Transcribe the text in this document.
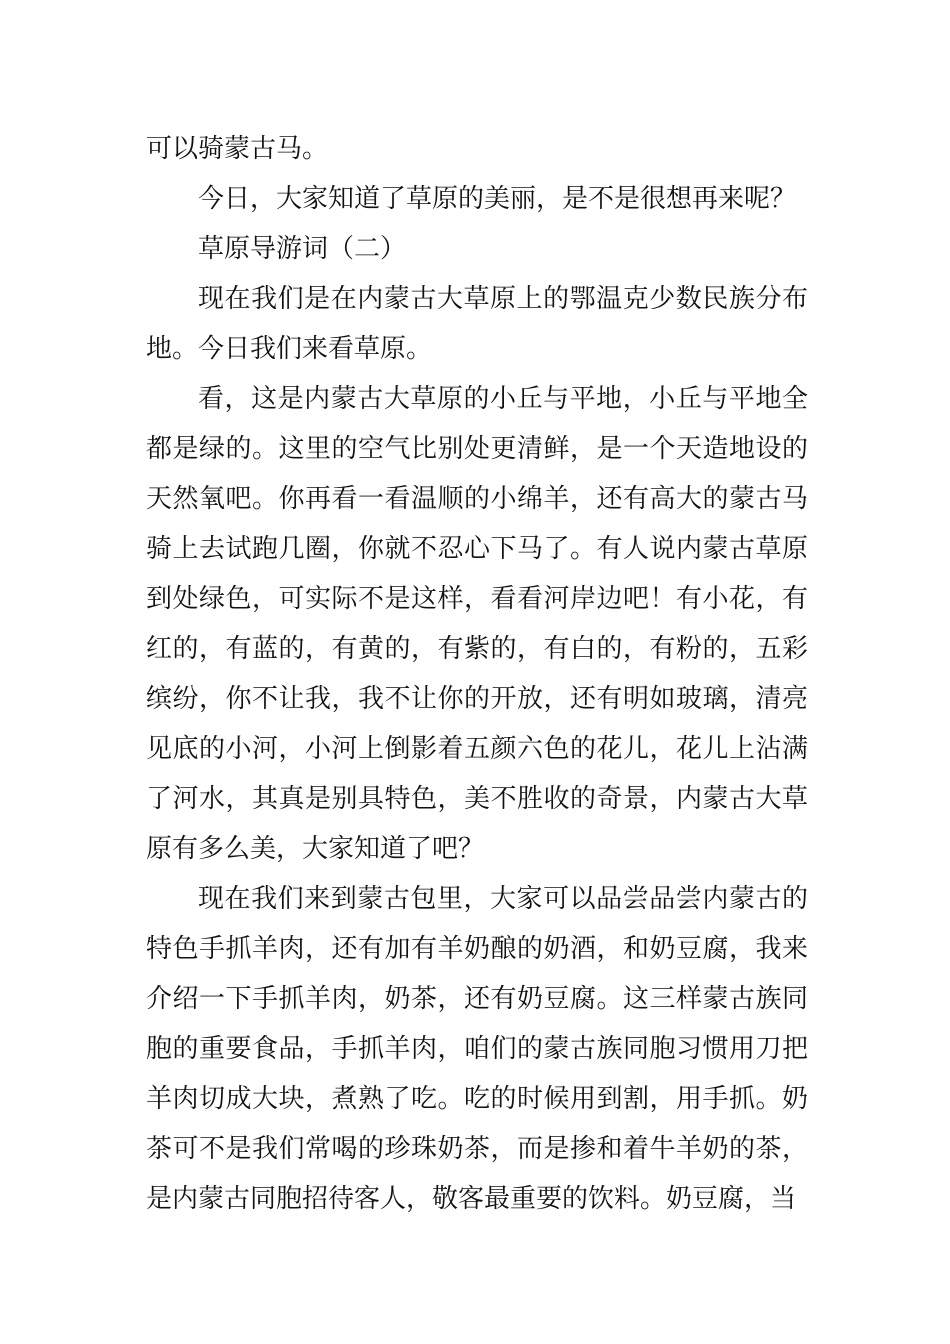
可以骑蒙古马。

今日，大家知道了草原的美丽，是不是很想再来呢？

草原导游词（二）

现在我们是在内蒙古大草原上的鄂温克少数民族分布地。今日我们来看草原。

看，这是内蒙古大草原的小丘与平地，小丘与平地全都是绿的。这里的空气比别处更清鲜，是一个天造地设的天然氧吧。你再看一看温顺的小绵羊，还有高大的蒙古马骑上去试跑几圈，你就不忍心下马了。有人说内蒙古草原到处绿色，可实际不是这样，看看河岸边吧！有小花，有红的，有蓝的，有黄的，有紫的，有白的，有粉的，五彩缤纷，你不让我，我不让你的开放，还有明如玻璃，清亮见底的小河，小河上倒影着五颜六色的花儿，花儿上沾满了河水，其真是别具特色，美不胜收的奇景，内蒙古大草原有多么美，大家知道了吧？

现在我们来到蒙古包里，大家可以品尝品尝内蒙古的特色手抓羊肉，还有加有羊奶酿的奶酒，和奶豆腐，我来介绍一下手抓羊肉，奶茶，还有奶豆腐。这三样蒙古族同胞的重要食品，手抓羊肉，咱们的蒙古族同胞习惯用刀把羊肉切成大块，煮熟了吃。吃的时候用到割，用手抓。奶茶可不是我们常喝的珍珠奶茶，而是掺和着牛羊奶的茶，是内蒙古同胞招待客人，敬客最重要的饮料。奶豆腐，当
